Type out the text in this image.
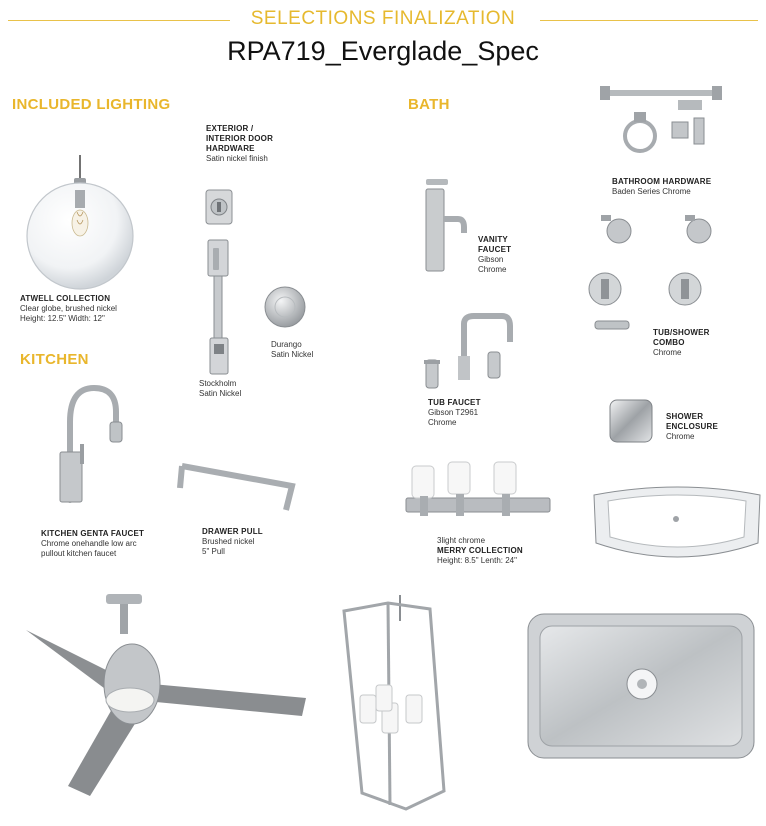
SELECTIONS FINALIZATION
RPA719_Everglade_Spec
INCLUDED LIGHTING	BATH
KITCHEN
ATWELL COLLECTION
Clear globe, brushed nickel
Height: 12.5" Width: 12"
EXTERIOR /
INTERIOR DOOR
HARDWARE
Satin nickel finish
Durango
Satin Nickel
Stockholm
Satin Nickel
KITCHEN GENTA FAUCET
Chrome onehandle low arc
pullout kitchen faucet
DRAWER PULL
Brushed nickel
5" Pull
VANITY
FAUCET
Gibson
Chrome
TUB FAUCET
Gibson T2961
Chrome
BATHROOM HARDWARE
Baden Series Chrome
TUB/SHOWER
COMBO
Chrome
SHOWER
ENCLOSURE
Chrome
3light chrome
MERRY COLLECTION
Height: 8.5" Lenth: 24"
